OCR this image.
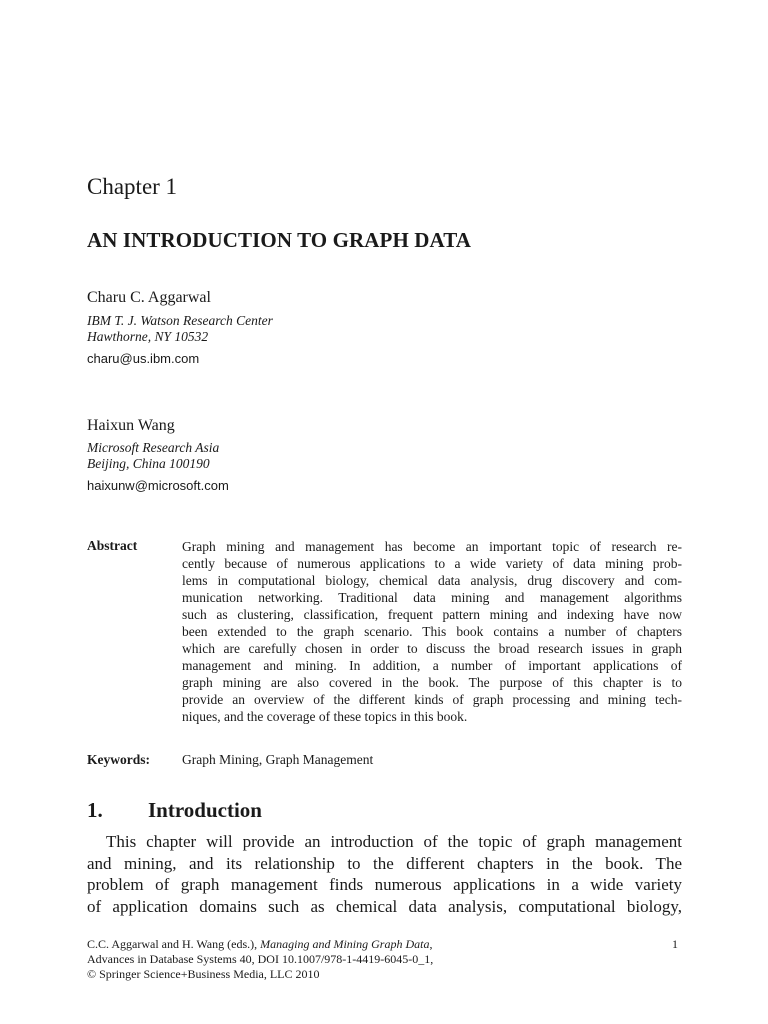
Chapter 1
AN INTRODUCTION TO GRAPH DATA
Charu C. Aggarwal
IBM T. J. Watson Research Center
Hawthorne, NY 10532
charu@us.ibm.com
Haixun Wang
Microsoft Research Asia
Beijing, China 100190
haixunw@microsoft.com
Abstract	Graph mining and management has become an important topic of research re-
cently because of numerous applications to a wide variety of data mining prob-
lems in computational biology, chemical data analysis, drug discovery and com-
munication networking. Traditional data mining and management algorithms
such as clustering, classification, frequent pattern mining and indexing have now
been extended to the graph scenario. This book contains a number of chapters
which are carefully chosen in order to discuss the broad research issues in graph
management and mining. In addition, a number of important applications of
graph mining are also covered in the book. The purpose of this chapter is to
provide an overview of the different kinds of graph processing and mining tech-
niques, and the coverage of these topics in this book.
Keywords: Graph Mining, Graph Management
1. Introduction
This chapter will provide an introduction of the topic of graph management
and mining, and its relationship to the different chapters in the book. The
problem of graph management finds numerous applications in a wide variety
of application domains such as chemical data analysis, computational biology,
C.C. Aggarwal and H. Wang (eds.), Managing and Mining Graph Data,
Advances in Database Systems 40, DOI 10.1007/978-1-4419-6045-0_1,
© Springer Science+Business Media, LLC 2010
1
